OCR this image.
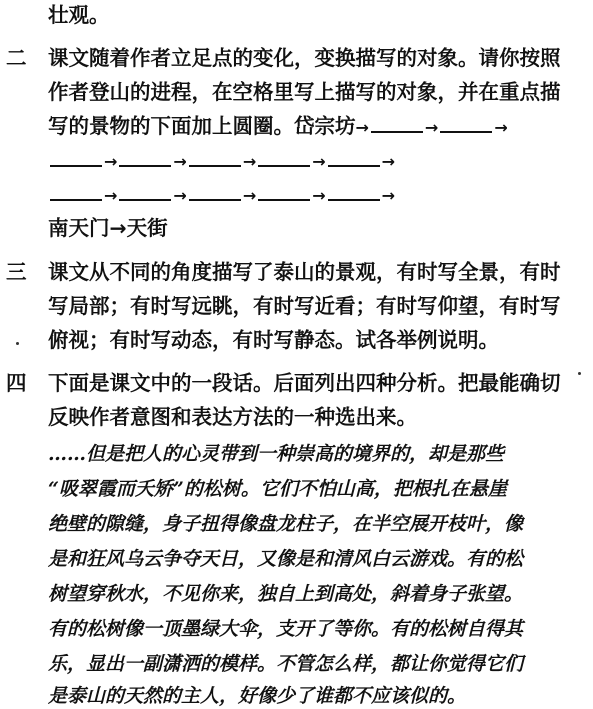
壮观。
二 课文随着作者立足点的变化，变换描写的对象。请你按照
作者登山的进程，在空格里写上描写的对象，并在重点描
写的景物的下面加上圆圈。岱宗坊→	→	→
→	→	→	→	→
→	→	→	→	→
南天门→天街
三 课文从不同的角度描写了泰山的景观，有时写全景，有时
写局部；有时写远眺，有时写近看；有时写仰望，有时写
俯视；有时写动态，有时写静态。试各举例说明。
四 下面是课文中的一段话。后面列出四种分析。把最能确切
反映作者意图和表达方法的一种选出来。
……但是把人的心灵带到一种崇高的境界的，却是那些
“吸翠霞而夭矫”的松树。它们不怕山高，把根扎在悬崖
绝壁的隙缝，身子扭得像盘龙柱子，在半空展开枝叶，像
是和狂风乌云争夺天日，又像是和清风白云游戏。有的松
树望穿秋水，不见你来，独自上到高处，斜着身子张望。
有的松树像一顶墨绿大伞，支开了等你。有的松树自得其
乐，显出一副潇洒的模样。不管怎么样，都让你觉得它们
是泰山的天然的主人，好像少了谁都不应该似的。
